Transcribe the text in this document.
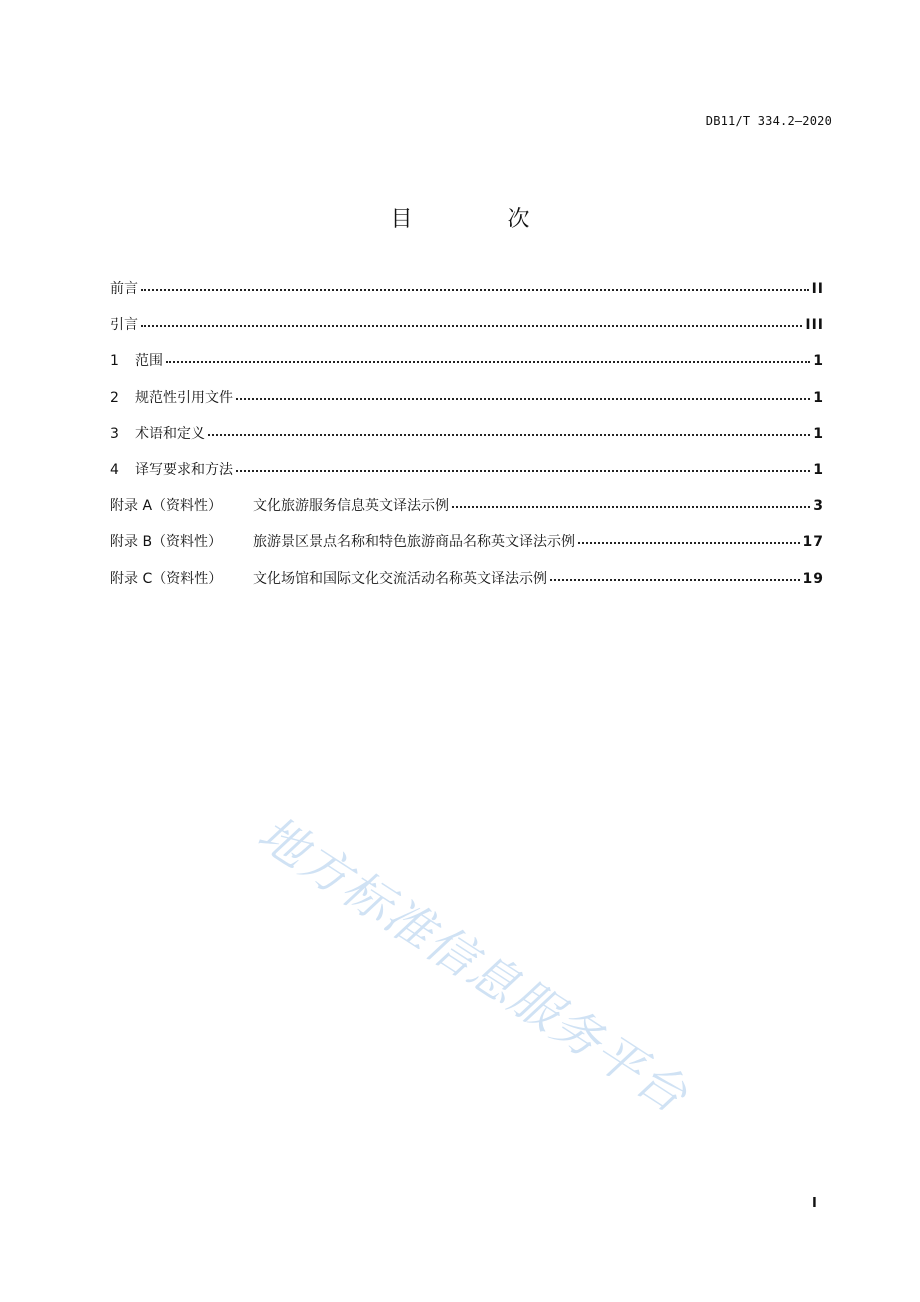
DB11/T 334.2—2020
目 次
前言	II
引言	III
1 范围	1
2 规范性引用文件	1
3 术语和定义	1
4 译写要求和方法	1
附录 A（资料性） 文化旅游服务信息英文译法示例	3
附录 B（资料性） 旅游景区景点名称和特色旅游商品名称英文译法示例	17
附录 C（资料性） 文化场馆和国际文化交流活动名称英文译法示例	19
地方标准信息服务平台
I
